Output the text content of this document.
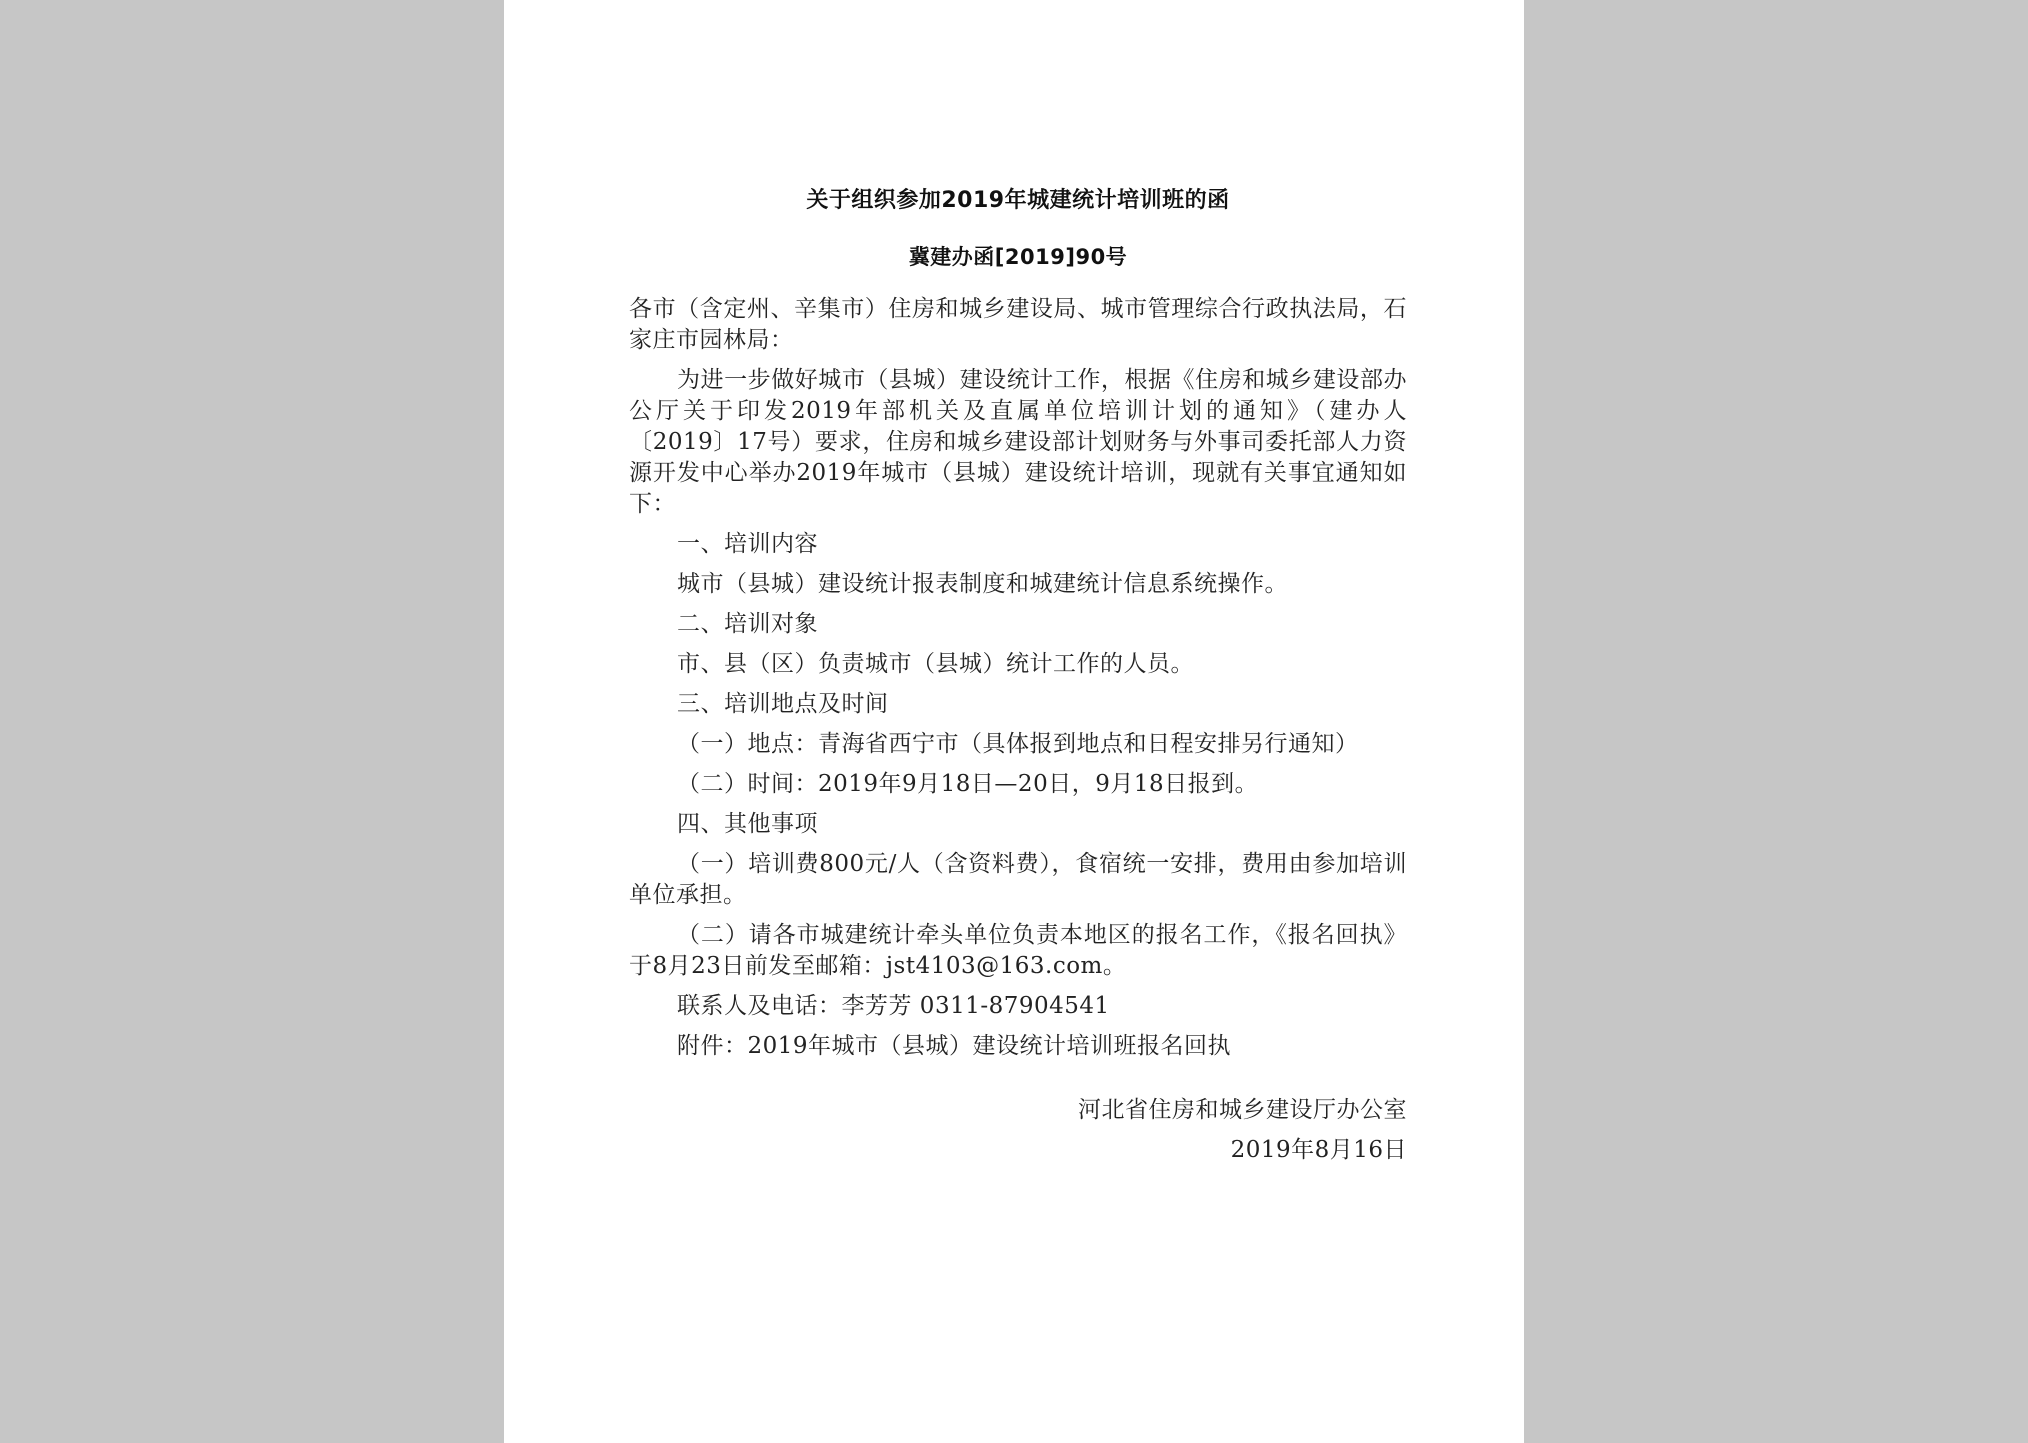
关于组织参加2019年城建统计培训班的函
冀建办函[2019]90号

各市（含定州、辛集市）住房和城乡建设局、城市管理综合行政执法局，石家庄市园林局：

为进一步做好城市（县城）建设统计工作，根据《住房和城乡建设部办公厅关于印发2019年部机关及直属单位培训计划的通知》（建办人〔2019〕17号）要求，住房和城乡建设部计划财务与外事司委托部人力资源开发中心举办2019年城市（县城）建设统计培训，现就有关事宜通知如下：

一、培训内容

城市（县城）建设统计报表制度和城建统计信息系统操作。

二、培训对象

市、县（区）负责城市（县城）统计工作的人员。

三、培训地点及时间

（一）地点：青海省西宁市（具体报到地点和日程安排另行通知）

（二）时间：2019年9月18日—20日，9月18日报到。

四、其他事项

（一）培训费800元/人（含资料费），食宿统一安排，费用由参加培训单位承担。

（二）请各市城建统计牵头单位负责本地区的报名工作，《报名回执》于8月23日前发至邮箱：jst4103@163.com。

联系人及电话：李芳芳 0311-87904541

附件：2019年城市（县城）建设统计培训班报名回执

河北省住房和城乡建设厅办公室

2019年8月16日
